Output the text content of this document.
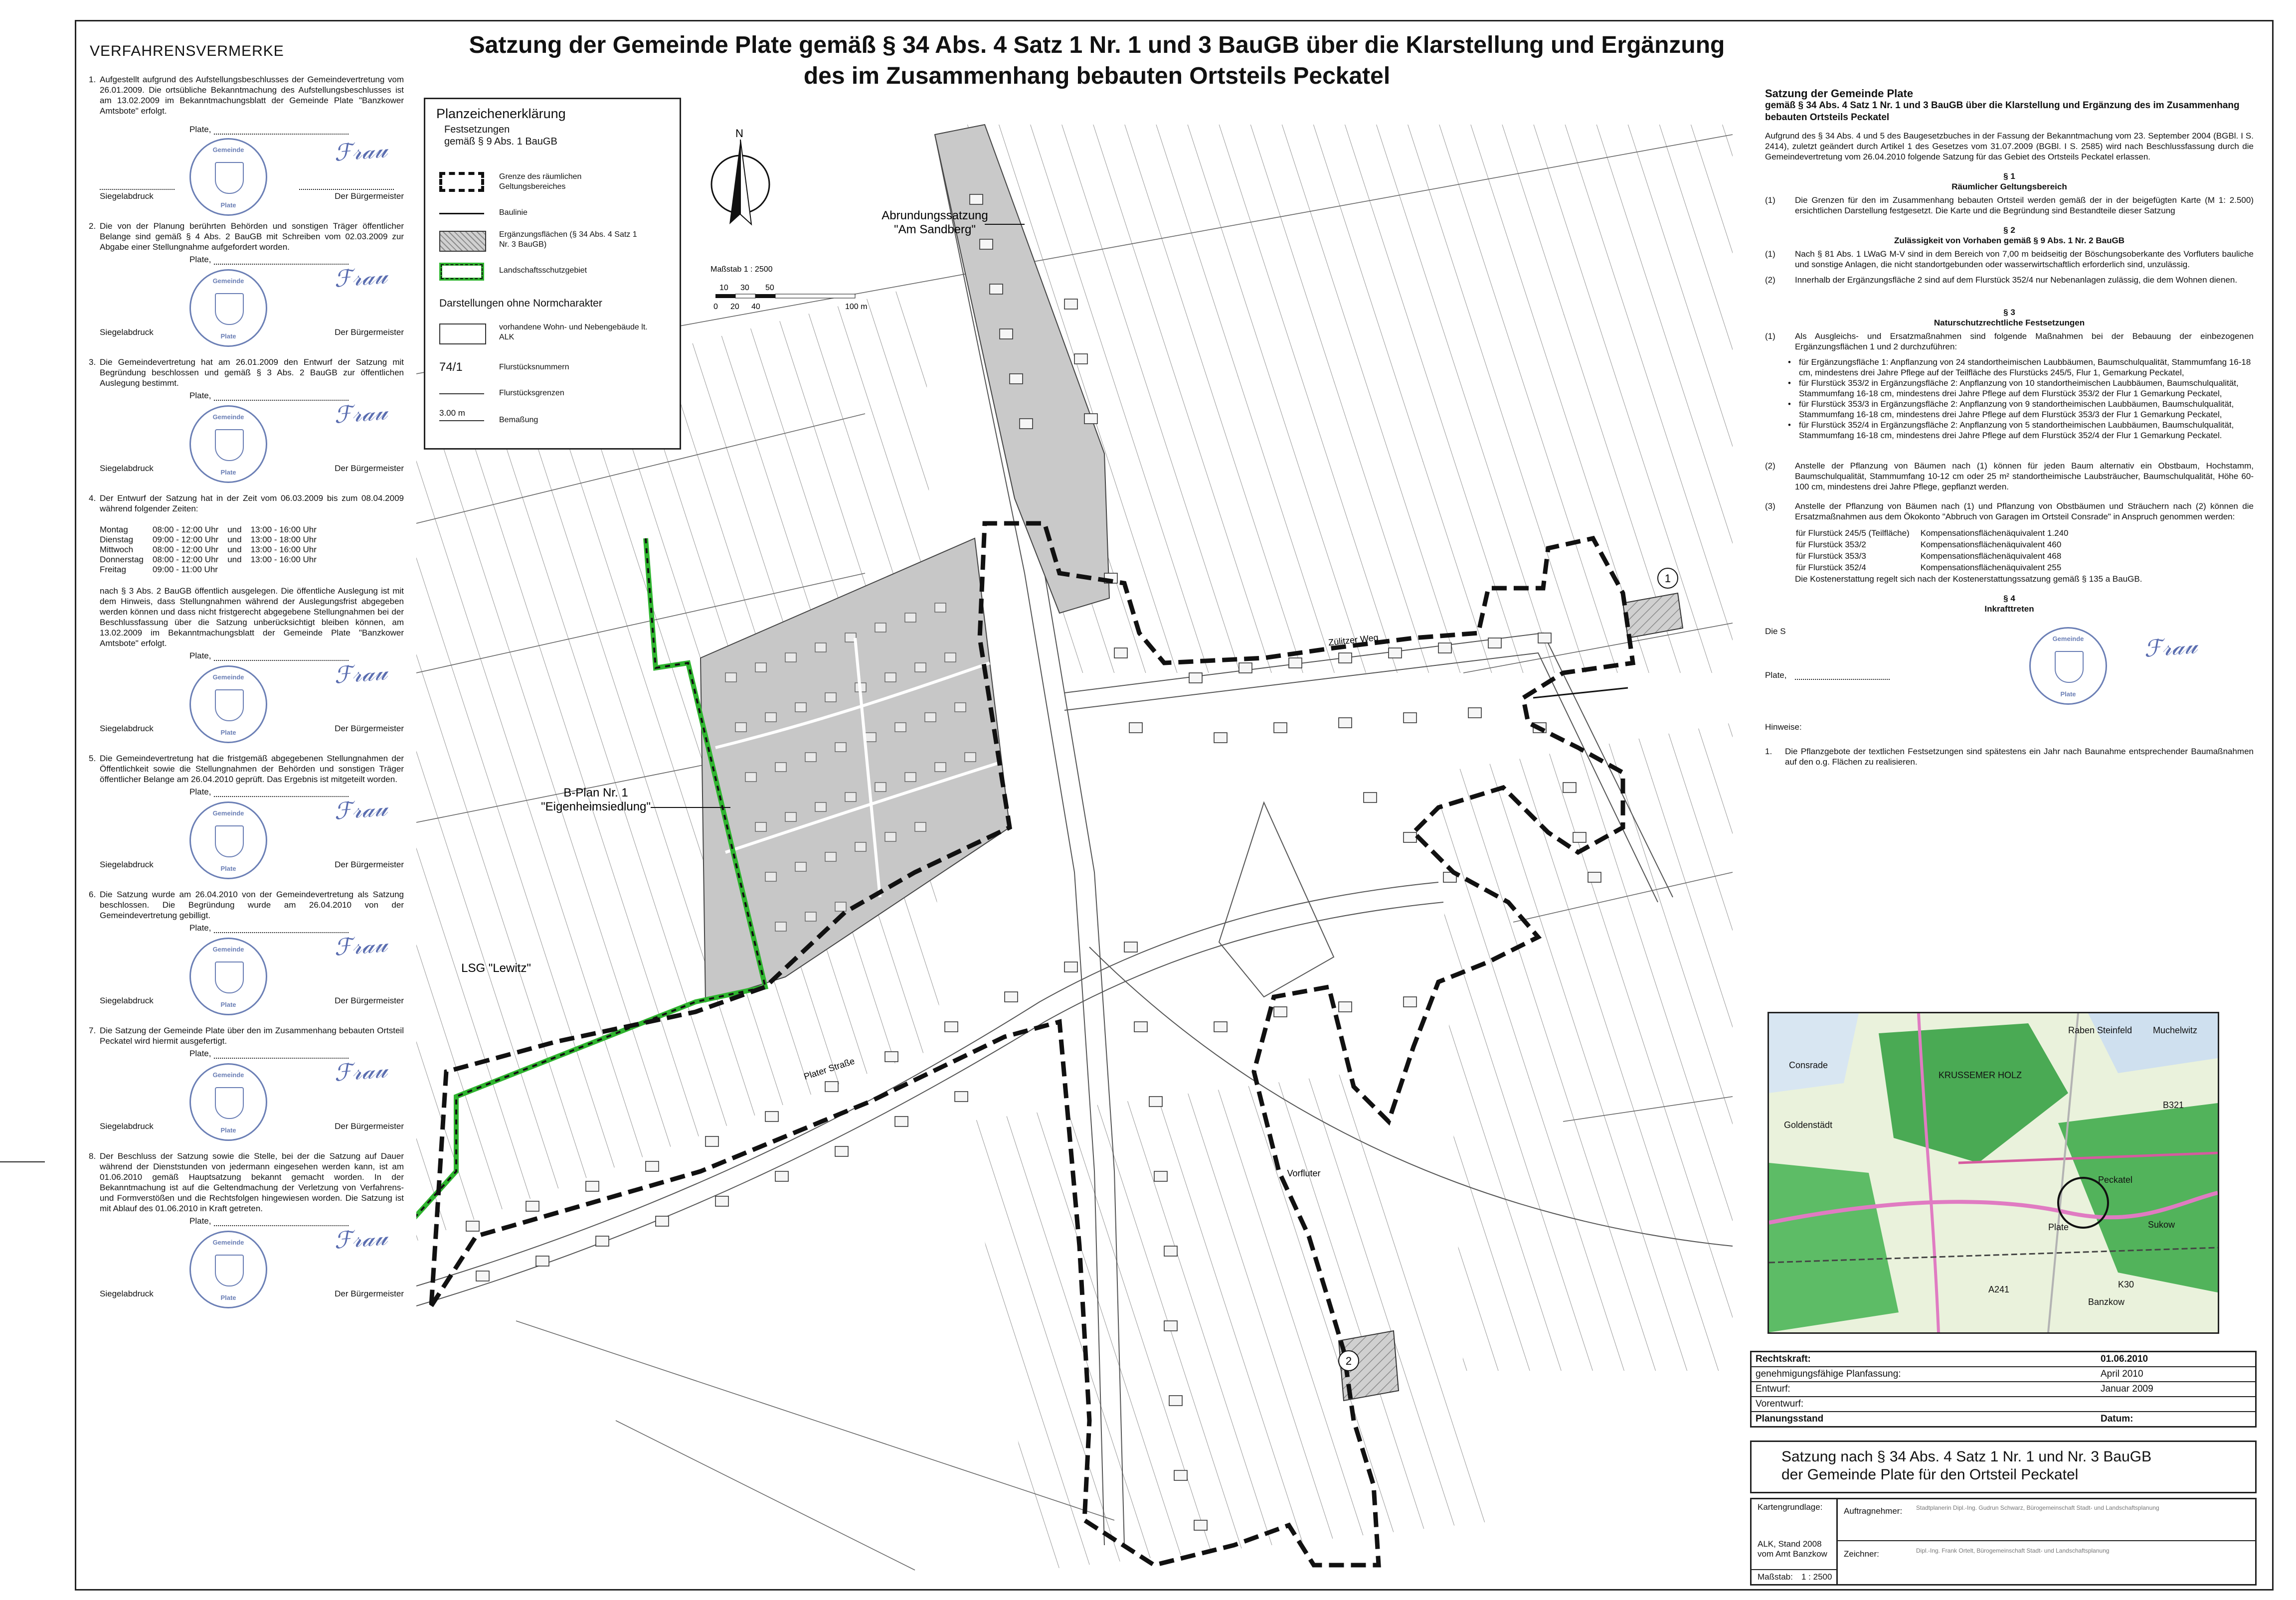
Satzung der Gemeinde Plate gemäß § 34 Abs. 4 Satz 1 Nr. 1 und 3 BauGB über die Klarstellung und Ergänzung
des im Zusammenhang bebauten Ortsteils Peckatel
VERFAHRENSVERMERKE
1. Aufgestellt aufgrund des Aufstellungsbeschlusses der Gemeindevertretung vom 26.01.2009. Die ortsübliche Bekanntmachung des Aufstellungsbeschlusses ist am 13.02.2009 im Bekanntmachungsblatt der Gemeinde Plate "Banzkower Amtsbote" erfolgt.
Plate,
Gemeinde
Plate
ℱ𝓇𝒶𝓊
Siegelabdruck	Der Bürgermeister
2. Die von der Planung berührten Behörden und sonstigen Träger öffentlicher Belange sind gemäß § 4 Abs. 2 BauGB mit Schreiben vom 02.03.2009 zur Abgabe einer Stellungnahme aufgefordert worden.
Plate,
Gemeinde
Plate
ℱ𝓇𝒶𝓊
Siegelabdruck	Der Bürgermeister
3. Die Gemeindevertretung hat am 26.01.2009 den Entwurf der Satzung mit Begründung beschlossen und gemäß § 3 Abs. 2 BauGB zur öffentlichen Auslegung bestimmt.
Plate,
Gemeinde
Plate
ℱ𝓇𝒶𝓊
Siegelabdruck	Der Bürgermeister
4. Der Entwurf der Satzung hat in der Zeit vom 06.03.2009 bis zum 08.04.2009 während folgender Zeiten:
Montag	08:00 - 12:00 Uhr	und	13:00 - 16:00 Uhr
Dienstag	09:00 - 12:00 Uhr	und	13:00 - 18:00 Uhr
Mittwoch	08:00 - 12:00 Uhr	und	13:00 - 16:00 Uhr
Donnerstag	08:00 - 12:00 Uhr	und	13:00 - 16:00 Uhr
Freitag	09:00 - 11:00 Uhr		
nach § 3 Abs. 2 BauGB öffentlich ausgelegen. Die öffentliche Auslegung ist mit dem Hinweis, dass Stellungnahmen während der Auslegungsfrist abgegeben werden können und dass nicht fristgerecht abgegebene Stellungnahmen bei der Beschlussfassung über die Satzung unberücksichtigt bleiben können, am 13.02.2009 im Bekanntmachungsblatt der Gemeinde Plate "Banzkower Amtsbote" erfolgt.
Plate,
Gemeinde
Plate
ℱ𝓇𝒶𝓊
Siegelabdruck	Der Bürgermeister
5. Die Gemeindevertretung hat die fristgemäß abgegebenen Stellungnahmen der Öffentlichkeit sowie die Stellungnahmen der Behörden und sonstigen Träger öffentlicher Belange am 26.04.2010 geprüft. Das Ergebnis ist mitgeteilt worden.
Plate,
Gemeinde
Plate
ℱ𝓇𝒶𝓊
Siegelabdruck	Der Bürgermeister
6. Die Satzung wurde am 26.04.2010 von der Gemeindevertretung als Satzung beschlossen. Die Begründung wurde am 26.04.2010 von der Gemeindevertretung gebilligt.
Plate,
Gemeinde
Plate
ℱ𝓇𝒶𝓊
Siegelabdruck	Der Bürgermeister
7. Die Satzung der Gemeinde Plate über den im Zusammenhang bebauten Ortsteil Peckatel wird hiermit ausgefertigt.
Plate,
Gemeinde
Plate
ℱ𝓇𝒶𝓊
Siegelabdruck	Der Bürgermeister
8. Der Beschluss der Satzung sowie die Stelle, bei der die Satzung auf Dauer während der Dienststunden von jedermann eingesehen werden kann, ist am 01.06.2010 gemäß Hauptsatzung bekannt gemacht worden. In der Bekanntmachung ist auf die Geltendmachung der Verletzung von Verfahrens- und Formverstößen und die Rechtsfolgen hingewiesen worden. Die Satzung ist mit Ablauf des 01.06.2010 in Kraft getreten.
Plate,
Gemeinde
Plate
ℱ𝓇𝒶𝓊
Siegelabdruck	Der Bürgermeister
N
Maßstab 1 : 2500
0
10
20
30
40
50
100 m
Abrundungssatzung
"Am Sandberg"
B-Plan Nr. 1
"Eigenheimsiedlung"
LSG "Lewitz"
Plater Straße
Zülitzer Weg
Vorfluter
1
2
Planzeichenerklärung
Festsetzungen
gemäß § 9 Abs. 1 BauGB
Grenze des räumlichen Geltungsbereiches
Baulinie
Ergänzungsflächen (§ 34 Abs. 4 Satz 1 Nr. 3 BauGB)
Landschaftsschutzgebiet
Darstellungen ohne Normcharakter
vorhandene Wohn- und Nebengebäude lt. ALK
74/1	Flurstücksnummern
Flurstücksgrenzen
3.00 m
Bemaßung
Satzung der Gemeinde Plate
gemäß § 34 Abs. 4 Satz 1 Nr. 1 und 3 BauGB über die Klarstellung und Ergänzung des im Zusammenhang bebauten Ortsteils Peckatel
Aufgrund des § 34 Abs. 4 und 5 des Baugesetzbuches in der Fassung der Bekanntmachung vom 23. September 2004 (BGBl. I S. 2414), zuletzt geändert durch Artikel 1 des Gesetzes vom 31.07.2009 (BGBl. I S. 2585) wird nach Beschlussfassung durch die Gemeindevertretung vom 26.04.2010 folgende Satzung für das Gebiet des Ortsteils Peckatel erlassen.
§ 1
Räumlicher Geltungsbereich
(1) Die Grenzen für den im Zusammenhang bebauten Ortsteil werden gemäß der in der beigefügten Karte (M 1: 2.500) ersichtlichen Darstellung festgesetzt. Die Karte und die Begründung sind Bestandteile dieser Satzung
§ 2
Zulässigkeit von Vorhaben gemäß § 9 Abs. 1 Nr. 2 BauGB
(1) Nach § 81 Abs. 1 LWaG M-V sind in dem Bereich von 7,00 m beidseitig der Böschungsoberkante des Vorfluters bauliche und sonstige Anlagen, die nicht standortgebunden oder wasserwirtschaftlich erforderlich sind, unzulässig.
(2) Innerhalb der Ergänzungsfläche 2 sind auf dem Flurstück 352/4 nur Nebenanlagen zulässig, die dem Wohnen dienen.
§ 3
Naturschutzrechtliche Festsetzungen
(1) Als Ausgleichs- und Ersatzmaßnahmen sind folgende Maßnahmen bei der Bebauung der einbezogenen Ergänzungsflächen 1 und 2 durchzuführen:
• für Ergänzungsfläche 1: Anpflanzung von 24 standortheimischen Laubbäumen, Baumschulqualität, Stammumfang 16-18 cm, mindestens drei Jahre Pflege auf der Teilfläche des Flurstücks 245/5, Flur 1, Gemarkung Peckatel,
• für Flurstück 353/2 in Ergänzungsfläche 2: Anpflanzung von 10 standortheimischen Laubbäumen, Baumschulqualität, Stammumfang 16-18 cm, mindestens drei Jahre Pflege auf dem Flurstück 353/2 der Flur 1 Gemarkung Peckatel,
• für Flurstück 353/3 in Ergänzungsfläche 2: Anpflanzung von 9 standortheimischen Laubbäumen, Baumschulqualität, Stammumfang 16-18 cm, mindestens drei Jahre Pflege auf dem Flurstück 353/3 der Flur 1 Gemarkung Peckatel,
• für Flurstück 352/4 in Ergänzungsfläche 2: Anpflanzung von 5 standortheimischen Laubbäumen, Baumschulqualität, Stammumfang 16-18 cm, mindestens drei Jahre Pflege auf dem Flurstück 352/4 der Flur 1 Gemarkung Peckatel.
(2) Anstelle der Pflanzung von Bäumen nach (1) können für jeden Baum alternativ ein Obstbaum, Hochstamm, Baumschulqualität, Stammumfang 10-12 cm oder 25 m² standortheimische Laubsträucher, Baumschulqualität, Höhe 60-100 cm, mindestens drei Jahre Pflege, gepflanzt werden.
(3) Anstelle der Pflanzung von Bäumen nach (1) und Pflanzung von Obstbäumen und Sträuchern nach (2) können die Ersatzmaßnahmen aus dem Ökokonto "Abbruch von Garagen im Ortsteil Consrade" in Anspruch genommen werden:
für Flurstück 245/5 (Teilfläche)	Kompensationsflächenäquivalent 1.240
für Flurstück 353/2	Kompensationsflächenäquivalent 460
für Flurstück 353/3	Kompensationsflächenäquivalent 468
für Flurstück 352/4	Kompensationsflächenäquivalent 255
Die Kostenerstattung regelt sich nach der Kostenerstattungssatzung gemäß § 135 a BauGB.
§ 4
Inkrafttreten
Die S
Plate,
Gemeinde
Plate
ℱ𝓇𝒶𝓊
Hinweise:
1. Die Pflanzgebote der textlichen Festsetzungen sind spätestens ein Jahr nach Baunahme entsprechender Baumaßnahmen auf den o.g. Flächen zu realisieren.
Peckatel
Plate	Sukow
Banzkow
Raben Steinfeld
B321
A241	K30
Muchelwitz
Goldenstädt
KRUSSEMER HOLZ
Consrade
Rechtskraft:	01.06.2010
genehmigungsfähige Planfassung:	April 2010
Entwurf:	Januar 2009
Vorentwurf:
Planungsstand	Datum:
Satzung nach § 34 Abs. 4 Satz 1 Nr. 1 und Nr. 3 BauGB
der Gemeinde Plate für den Ortsteil Peckatel
Kartengrundlage:
ALK, Stand 2008
vom Amt Banzkow
Maßstab: 1 : 2500
Auftragnehmer: Stadtplanerin Dipl.-Ing. Gudrun Schwarz, Bürogemeinschaft Stadt- und Landschaftsplanung
Zeichner:	Dipl.-Ing. Frank Ortelt, Bürogemeinschaft Stadt- und Landschaftsplanung
